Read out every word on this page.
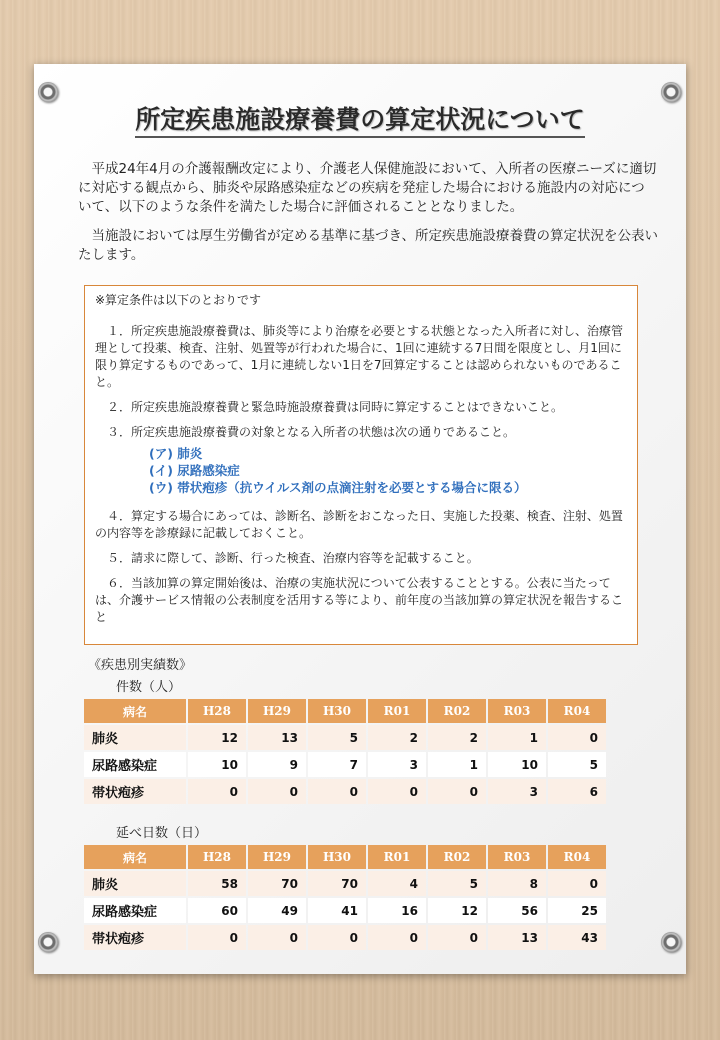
所定疾患施設療養費の算定状況について

平成24年4月の介護報酬改定により、介護老人保健施設において、入所者の医療ニーズに適切に対応する観点から、肺炎や尿路感染症などの疾病を発症した場合における施設内の対応について、以下のような条件を満たした場合に評価されることとなりました。

当施設においては厚生労働省が定める基準に基づき、所定疾患施設療養費の算定状況を公表いたします。

※算定条件は以下のとおりです

１．所定疾患施設療養費は、肺炎等により治療を必要とする状態となった入所者に対し、治療管理として投薬、検査、注射、処置等が行われた場合に、1回に連続する7日間を限度とし、月1回に限り算定するものであって、1月に連続しない1日を7回算定することは認められないものであること。

２．所定疾患施設療養費と緊急時施設療養費は同時に算定することはできないこと。

３．所定疾患施設療養費の対象となる入所者の状態は次の通りであること。

(ア) 肺炎
(イ) 尿路感染症
(ウ) 帯状疱疹（抗ウイルス剤の点滴注射を必要とする場合に限る）

４．算定する場合にあっては、診断名、診断をおこなった日、実施した投薬、検査、注射、処置の内容等を診療録に記載しておくこと。

５．請求に際して、診断、行った検査、治療内容等を記載すること。

６．当該加算の算定開始後は、治療の実施状況について公表することとする。公表に当たっては、介護サービス情報の公表制度を活用する等により、前年度の当該加算の算定状況を報告すること

《疾患別実績数》

件数（人）

病名	H28	H29	H30	R01	R02	R03	R04
肺炎	12	13	5	2	2	1	0
尿路感染症	10	9	7	3	1	10	5
帯状疱疹	0	0	0	0	0	3	6

延べ日数（日）

病名	H28	H29	H30	R01	R02	R03	R04
肺炎	58	70	70	4	5	8	0
尿路感染症	60	49	41	16	12	56	25
帯状疱疹	0	0	0	0	0	13	43
